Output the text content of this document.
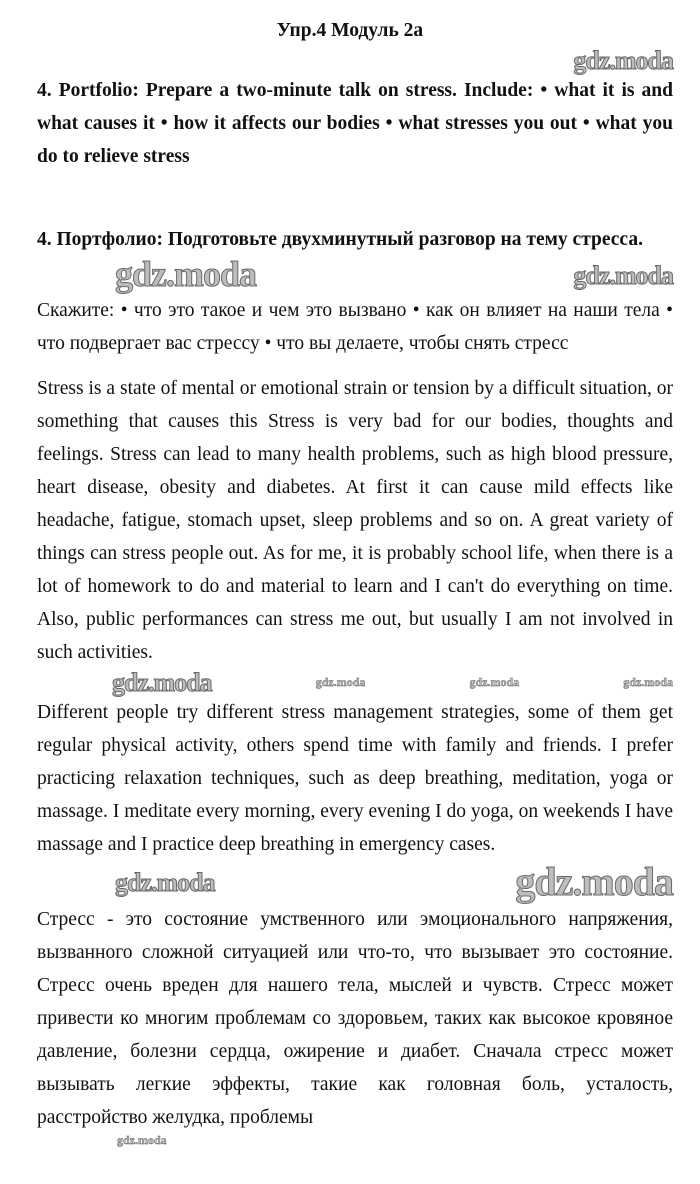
Упр.4 Модуль 2а
gdz.moda

4. Portfolio: Prepare a two-minute talk on stress. Include: • what it is and what causes it • how it affects our bodies • what stresses you out • what you do to relieve stress

4. Портфолио: Подготовьте двухминутный разговор на тему стресса.

gdz.moda	gdz.moda

Скажите: • что это такое и чем это вызвано • как он влияет на наши тела • что подвергает вас стрессу • что вы делаете, чтобы снять стресс

Stress is a state of mental or emotional strain or tension by a difficult situation, or something that causes this Stress is very bad for our bodies, thoughts and feelings. Stress can lead to many health problems, such as high blood pressure, heart disease, obesity and diabetes. At first it can cause mild effects like headache, fatigue, stomach upset, sleep problems and so on. A great variety of things can stress people out. As for me, it is probably school life, when there is a lot of homework to do and material to learn and I can't do everything on time. Also, public performances can stress me out, but usually I am not involved in such activities.

gdz.moda	gdz.moda	gdz.moda	gdz.moda

Different people try different stress management strategies, some of them get regular physical activity, others spend time with family and friends. I prefer practicing relaxation techniques, such as deep breathing, meditation, yoga or massage. I meditate every morning, every evening I do yoga, on weekends I have massage and I practice deep breathing in emergency cases.

gdz.moda	gdz.moda

Стресс - это состояние умственного или эмоционального напряжения, вызванного сложной ситуацией или что-то, что вызывает это состояние. Стресс очень вреден для нашего тела, мыслей и чувств. Стресс может привести ко многим проблемам со здоровьем, таких как высокое кровяное давление, болезни сердца, ожирение и диабет. Сначала стресс может вызывать легкие эффекты, такие как головная боль, усталость, расстройство желудка, проблемы

gdz.moda
